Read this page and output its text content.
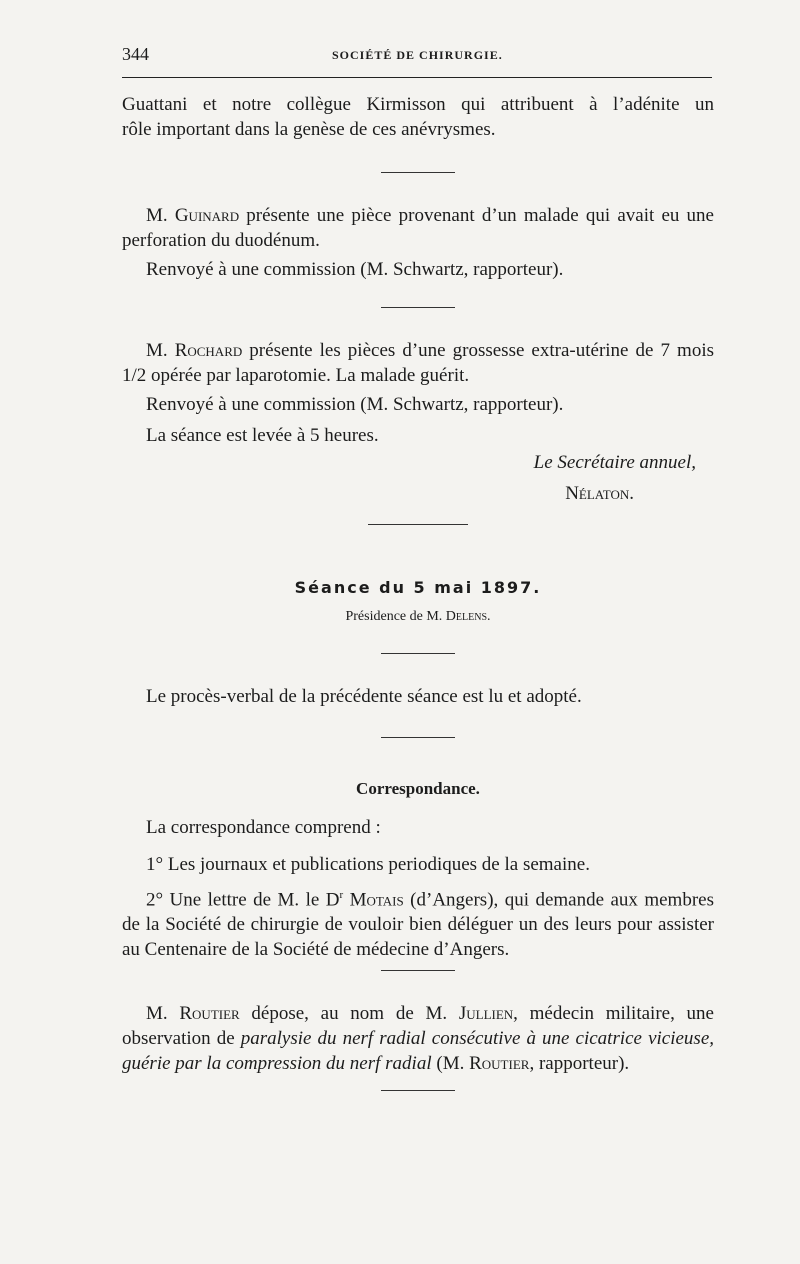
344	SOCIÉTÉ DE CHIRURGIE.

Guattani et notre collègue Kirmisson qui attribuent à l’adénite un

rôle important dans la genèse de ces anévrysmes.

M. Guinard présente une pièce provenant d’un malade qui avait eu une perforation du duodénum.

Renvoyé à une commission (M. Schwartz, rapporteur).

M. Rochard présente les pièces d’une grossesse extra-utérine de 7 mois 1/2 opérée par laparotomie. La malade guérit.

Renvoyé à une commission (M. Schwartz, rapporteur).

La séance est levée à 5 heures.

Le Secrétaire annuel,

Nélaton.

Séance du 5 mai 1897.

Présidence de M. Delens.

Le procès-verbal de la précédente séance est lu et adopté.

Correspondance.

La correspondance comprend :

1° Les journaux et publications periodiques de la semaine.

2° Une lettre de M. le $D^r$ Motais (d’Angers), qui demande aux membres de la Société de chirurgie de vouloir bien déléguer un des leurs pour assister au Centenaire de la Société de médecine d’Angers.

M. Routier dépose, au nom de M. Jullien, médecin militaire, une observation de paralysie du nerf radial consécutive à une cicatrice vicieuse, guérie par la compression du nerf radial (M. Routier, rapporteur).
